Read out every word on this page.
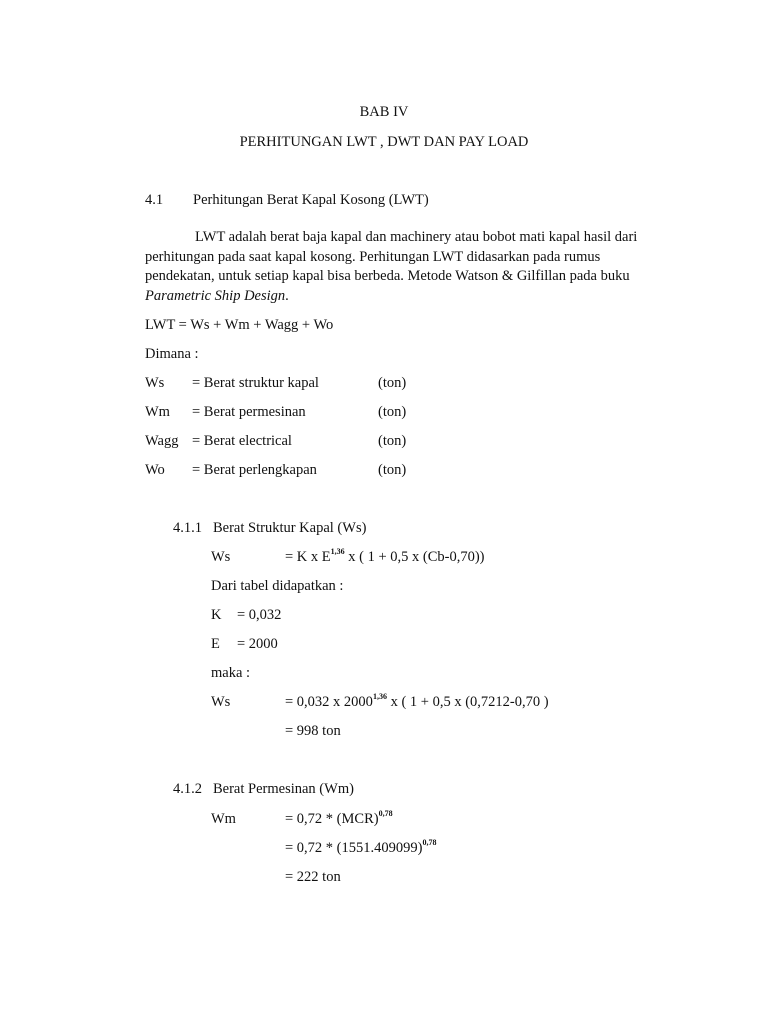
BAB IV
PERHITUNGAN LWT , DWT DAN PAY LOAD
4.1 Perhitungan Berat Kapal Kosong (LWT)
LWT adalah berat baja kapal dan machinery atau bobot mati kapal hasil dari perhitungan pada saat kapal kosong. Perhitungan LWT didasarkan pada rumus pendekatan, untuk setiap kapal bisa berbeda. Metode Watson & Gilfillan pada buku Parametric Ship Design.
LWT = Ws + Wm + Wagg + Wo
Dimana :
Ws = Berat struktur kapal	(ton)
Wm = Berat permesinan	(ton)
Wagg = Berat electrical	(ton)
Wo = Berat perlengkapan	(ton)
4.1.1 Berat Struktur Kapal (Ws)
Ws	= K x E$^{1,36}$ x ( 1 + 0,5 x (Cb-0,70))
Dari tabel didapatkan :
K = 0,032
E = 2000
maka :
Ws	= 0,032 x 2000$^{1,36}$ x ( 1 + 0,5 x (0,7212-0,70 )
= 998 ton
4.1.2 Berat Permesinan (Wm)
Wm	= 0,72 * (MCR)$^{0,78}$
= $0,72 * (1551.409099)^{0,78}$
= 222 ton
